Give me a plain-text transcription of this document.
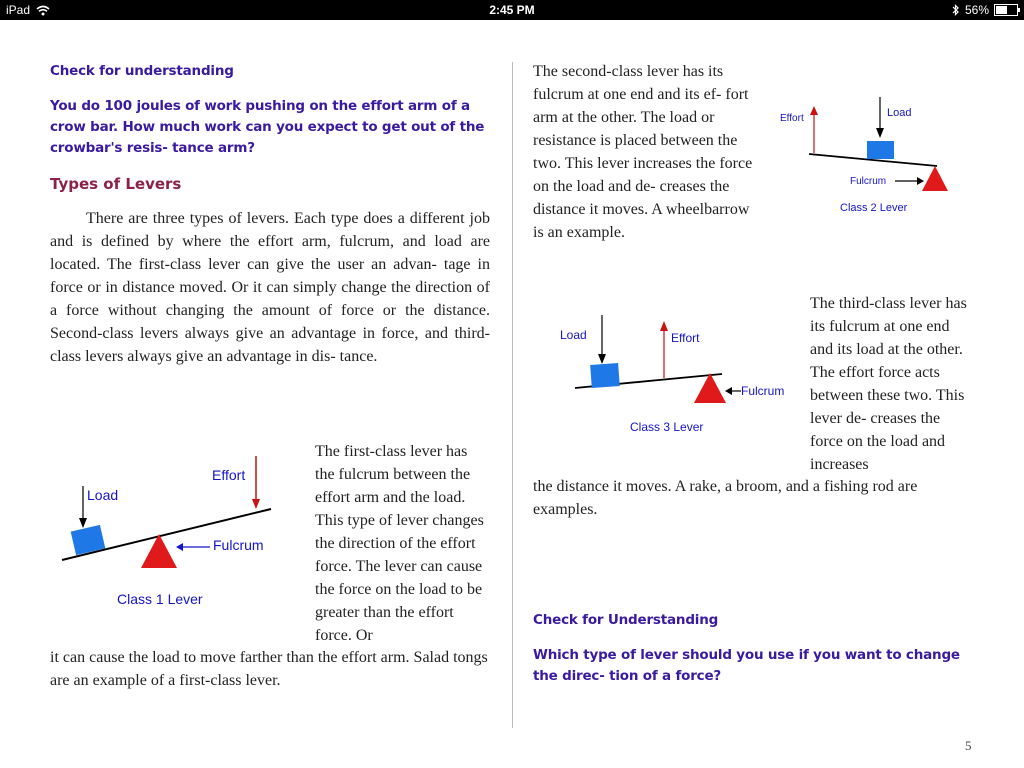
iPad	2:45 PM	56%
Check for understanding
You do 100 joules of work pushing on the effort arm of a crow bar. How much work can you expect to get out of the crowbar's resis- tance arm?
Types of Levers
There are three types of levers. Each type does a different job and is defined by where the effort arm, fulcrum, and load are located. The first-class lever can give the user an advan- tage in force or in distance moved. Or it can simply change the direction of a force without changing the amount of force or the distance. Second-class levers always give an advantage in force, and third-class levers always give an advantage in dis- tance.
Load
Effort
Fulcrum
Class 1 Lever
The first-class lever has the fulcrum between the effort arm and the load. This type of lever changes the direction of the effort force. The lever can cause the force on the load to be greater than the effort force. Or
it can cause the load to move farther than the effort arm. Salad tongs are an example of a first-class lever.
The second-class lever has its fulcrum at one end and its ef- fort arm at the other. The load or resistance is placed between the two. This lever increases the force on the load and de- creases the distance it moves. A wheelbarrow is an example.
Effort	Load
Fulcrum
Class 2 Lever
Load	Effort
Fulcrum
Class 3 Lever
The third-class lever has its fulcrum at one end and its load at the other. The effort force acts between these two. This lever de- creases the force on the load and increases
the distance it moves. A rake, a broom, and a fishing rod are examples.
Check for Understanding
Which type of lever should you use if you want to change the direc- tion of a force?
5
